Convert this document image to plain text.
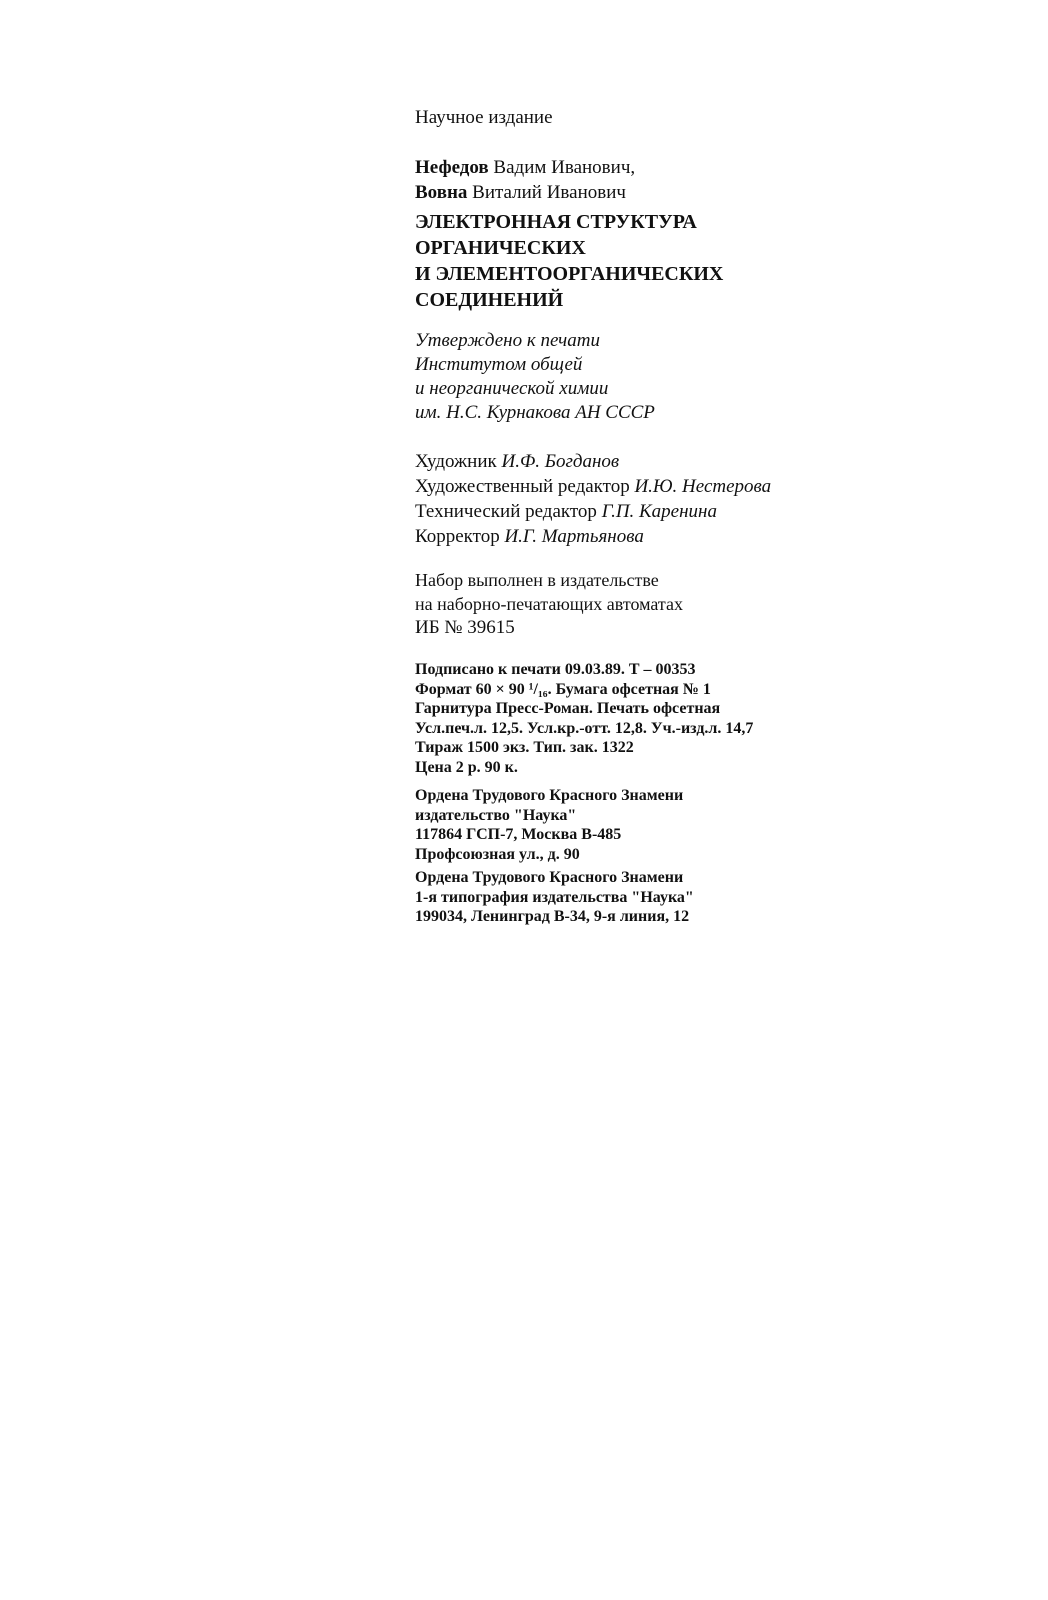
Научное издание
Нефедов Вадим Иванович,
Вовна Виталий Иванович
ЭЛЕКТРОННАЯ СТРУКТУРА
ОРГАНИЧЕСКИХ
И ЭЛЕМЕНТООРГАНИЧЕСКИХ
СОЕДИНЕНИЙ
Утверждено к печати
Институтом общей
и неорганической химии
им. Н.С. Курнакова АН СССР
Художник И.Ф. Богданов
Художественный редактор И.Ю. Нестерова
Технический редактор Г.П. Каренина
Корректор И.Г. Мартьянова
Набор выполнен в издательстве
на наборно-печатающих автоматах
ИБ № 39615
Подписано к печати 09.03.89. Т – 00353
Формат 60 × 90 ¹/₁₆. Бумага офсетная № 1
Гарнитура Пресс-Роман. Печать офсетная
Усл.печ.л. 12,5. Усл.кр.-отт. 12,8. Уч.-изд.л. 14,7
Тираж 1500 экз. Тип. зак. 1322
Цена 2 р. 90 к.
Ордена Трудового Красного Знамени
издательство "Наука"
117864 ГСП-7, Москва В-485
Профсоюзная ул., д. 90
Ордена Трудового Красного Знамени
1-я типография издательства "Наука"
199034, Ленинград В-34, 9-я линия, 12
